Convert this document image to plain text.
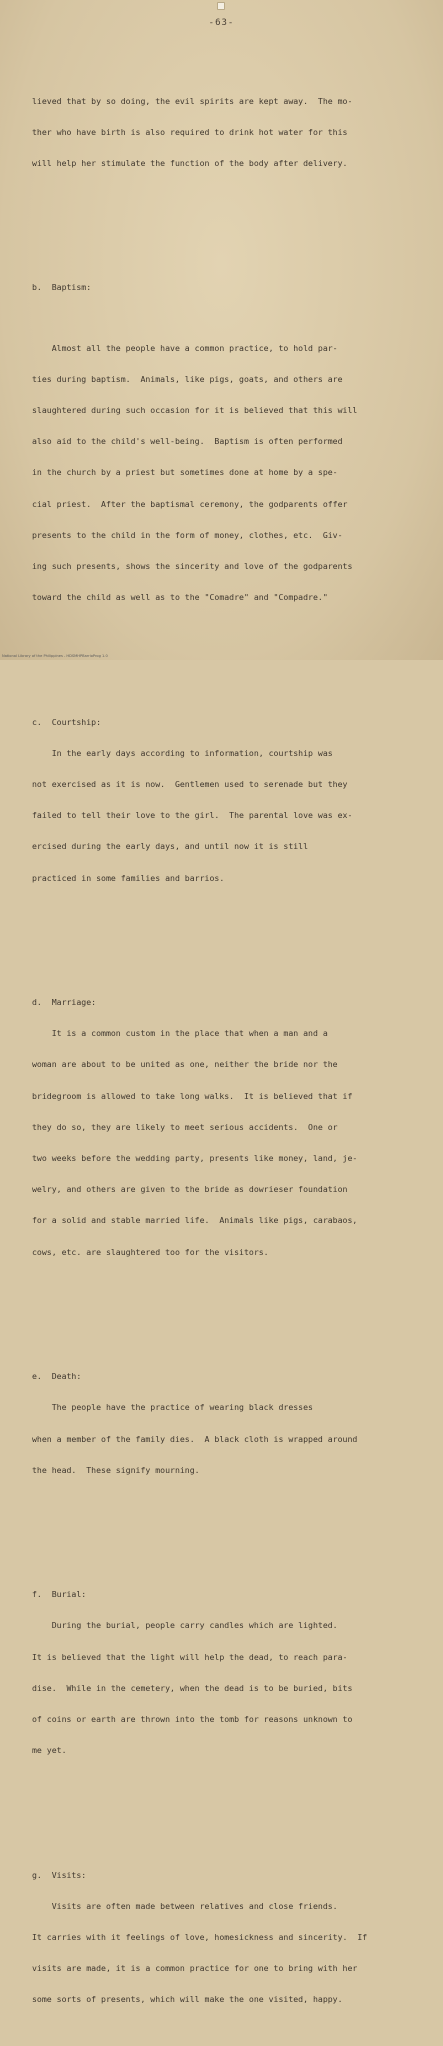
-63-

lieved that by so doing, the evil spirits are kept away.  The mo-

ther who have birth is also required to drink hot water for this

will help her stimulate the function of the body after delivery.

b.  Baptism:

Almost all the people have a common practice, to hold par-

ties during baptism.  Animals, like pigs, goats, and others are

slaughtered during such occasion for it is believed that this will

also aid to the child's well-being.  Baptism is often performed

in the church by a priest but sometimes done at home by a spe-

cial priest.  After the baptismal ceremony, the godparents offer

presents to the child in the form of money, clothes, etc.  Giv-

ing such presents, shows the sincerity and love of the godparents

toward the child as well as to the "Comadre" and "Compadre."

c.  Courtship:

In the early days according to information, courtship was

not exercised as it is now.  Gentlemen used to serenade but they

failed to tell their love to the girl.  The parental love was ex-

ercised during the early days, and until now it is still

practiced in some families and barrios.

d.  Marriage:

It is a common custom in the place that when a man and a

woman are about to be united as one, neither the bride nor the

bridegroom is allowed to take long walks.  It is believed that if

they do so, they are likely to meet serious accidents.  One or

two weeks before the wedding party, presents like money, land, je-

welry, and others are given to the bride as dowrieser foundation

for a solid and stable married life.  Animals like pigs, carabaos,

cows, etc. are slaughtered too for the visitors.

e.  Death:

The people have the practice of wearing black dresses

when a member of the family dies.  A black cloth is wrapped around

the head.  These signify mourning.

f.  Burial:

During the burial, people carry candles which are lighted.

It is believed that the light will help the dead, to reach para-

dise.  While in the cemetery, when the dead is to be buried, bits

of coins or earth are thrown into the tomb for reasons unknown to

me yet.

g.  Visits:

Visits are often made between relatives and close friends.

It carries with it feelings of love, homesickness and sincerity.  If

visits are made, it is a common practice for one to bring with her

some sorts of presents, which will make the one visited, happy.

National Library of the Philippines - HDSMHPBarrioProg 1.0
